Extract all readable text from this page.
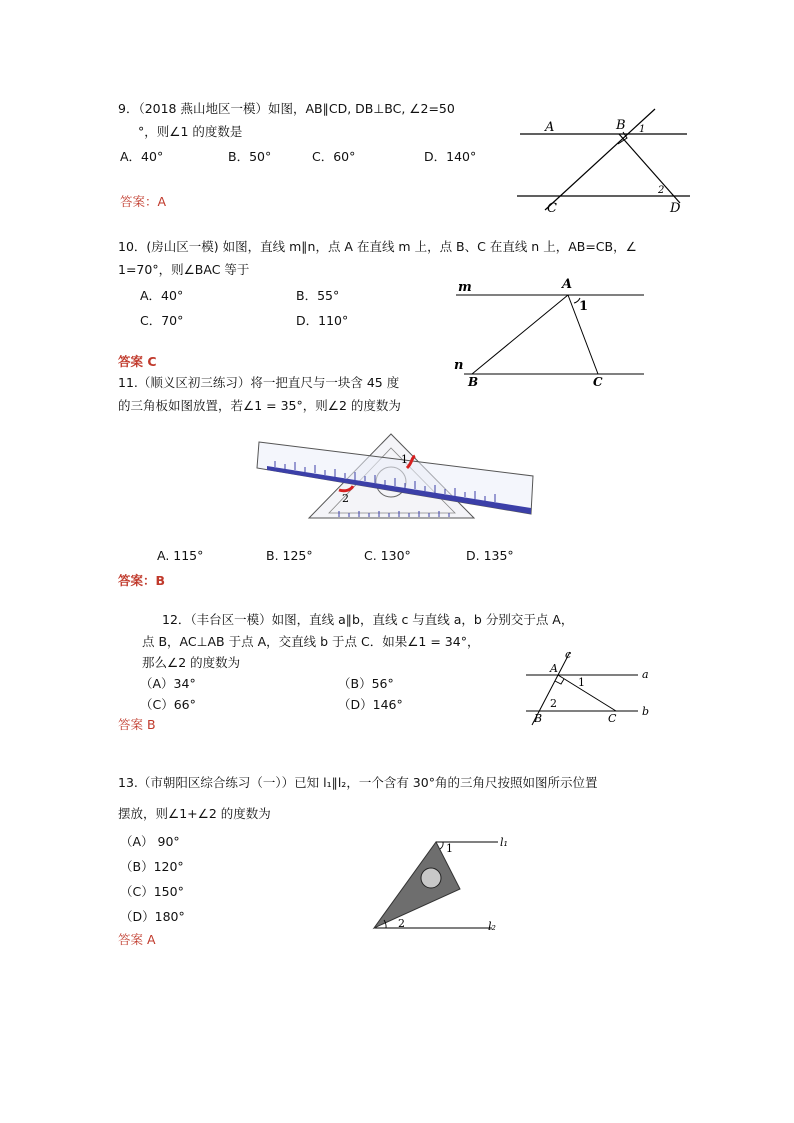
9．（2018 燕山地区一模）如图，AB∥CD, DB⊥BC, ∠2=50
°，则∠1 的度数是
A．40°	B．50°	C．60°	D．140°
答案：A
A	B 1
2
C	D
10．(房山区一模) 如图，直线 m∥n，点 A 在直线 m 上，点 B、C 在直线 n 上，AB=CB，∠
1=70°，则∠BAC 等于
A．40°	B．55°
C．70°	D．110°
答案 C
m	A
1
n
B	C
11.（顺义区初三练习）将一把直尺与一块含 45 度
的三角板如图放置，若∠1 = 35°，则∠2 的度数为
1
2
A. 115°	B. 125°	C. 130°	D. 135°
答案：B
12．（丰台区一模）如图，直线 a∥b，直线 c 与直线 a，b 分别交于点 A，
点 B，AC⊥AB 于点 A，交直线 b 于点 C．如果∠1 = 34°，
那么∠2 的度数为
（A）34°	（B）56°
（C）66°	（D）146°
答案 B
c
A
1
a
2
B	C
b
13.（市朝阳区综合练习（一））已知 l₁∥l₂，一个含有 30°角的三角尺按照如图所示位置
摆放，则∠1+∠2 的度数为
（A） 90°
（B）120°
（C）150°
（D）180°
答案 A
1	l₁
2	l₂
